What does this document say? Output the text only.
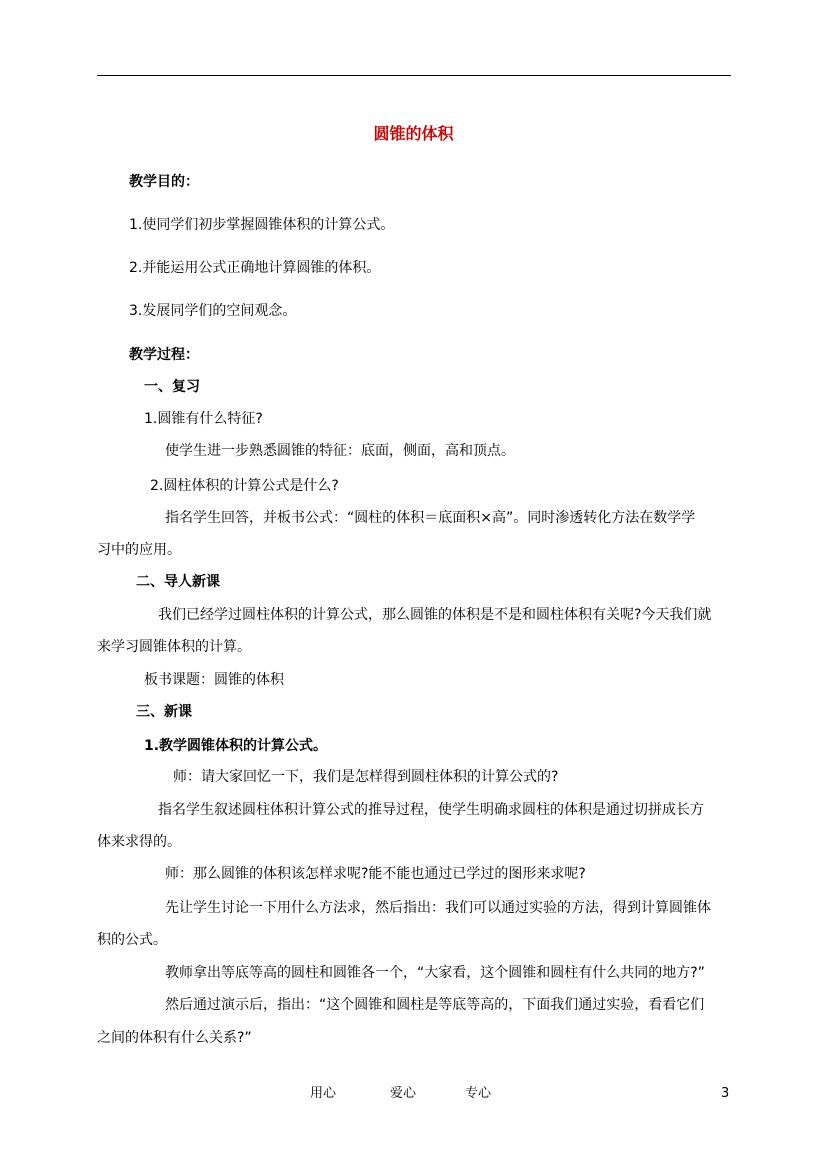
圆锥的体积
教学目的：
1.使同学们初步掌握圆锥体积的计算公式。
2.并能运用公式正确地计算圆锥的体积。
3.发展同学们的空间观念。
教学过程：
一、复习
1.圆锥有什么特征?
使学生进一步熟悉圆锥的特征：底面，侧面，高和顶点。
2.圆柱体积的计算公式是什么?
指名学生回答，并板书公式：“圆柱的体积＝底面积×高”。同时渗透转化方法在数学学
习中的应用。
二、导人新课
我们已经学过圆柱体积的计算公式，那么圆锥的体积是不是和圆柱体积有关呢?今天我们就
来学习圆锥体积的计算。
板书课题：圆锥的体积
三、新课
1.教学圆锥体积的计算公式。
师：请大家回忆一下，我们是怎样得到圆柱体积的计算公式的?
指名学生叙述圆柱体积计算公式的推导过程，使学生明确求圆柱的体积是通过切拼成长方
体来求得的。
师：那么圆锥的体积该怎样求呢?能不能也通过已学过的图形来求呢?
先让学生讨论一下用什么方法求，然后指出：我们可以通过实验的方法，得到计算圆锥体
积的公式。
教师拿出等底等高的圆柱和圆锥各一个，“大家看，这个圆锥和圆柱有什么共同的地方?”
然后通过演示后，指出：“这个圆锥和圆柱是等底等高的，下面我们通过实验，看看它们
之间的体积有什么关系?”
用心	爱心	专心	3
